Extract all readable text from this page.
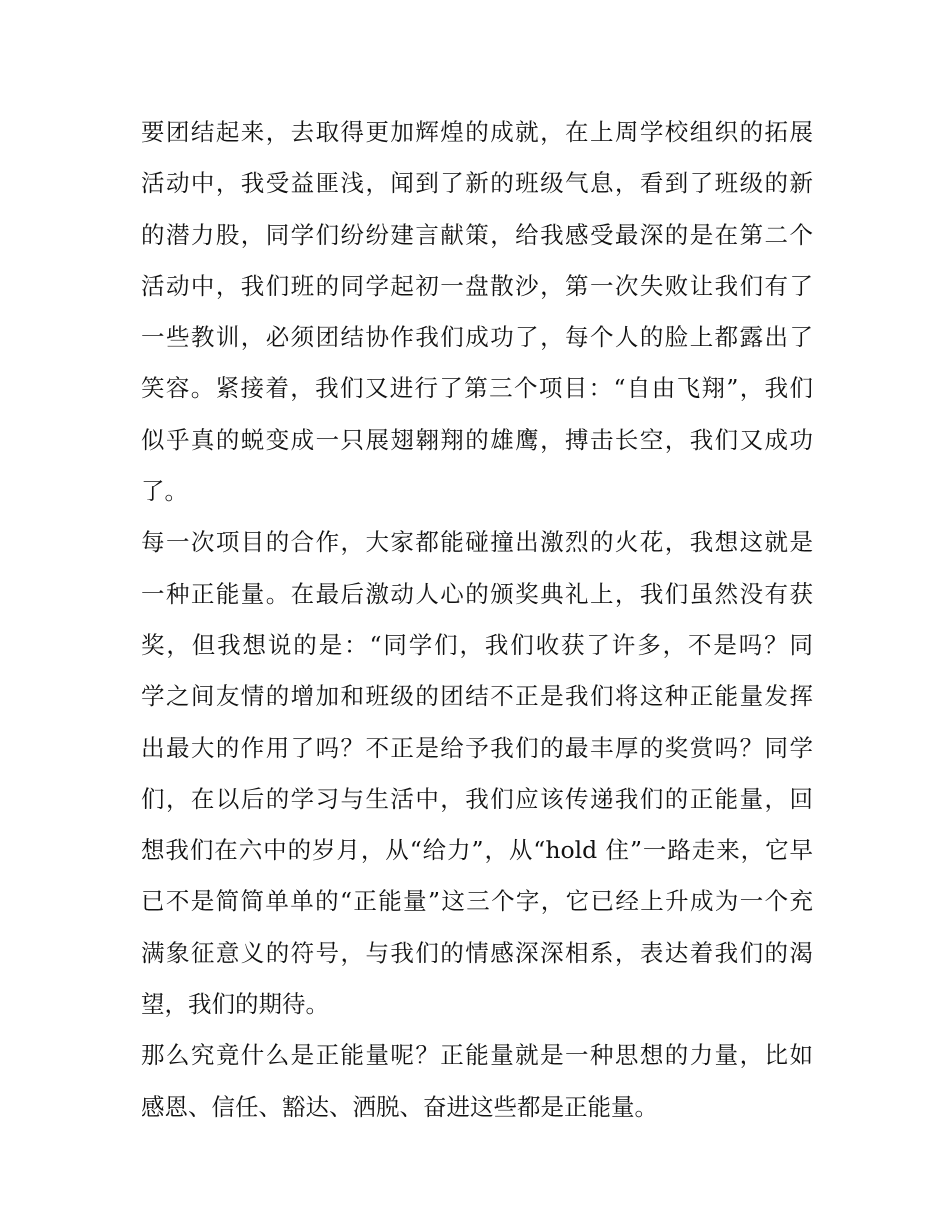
要团结起来，去取得更加辉煌的成就，在上周学校组织的拓展
活动中，我受益匪浅，闻到了新的班级气息，看到了班级的新
的潜力股，同学们纷纷建言献策，给我感受最深的是在第二个
活动中，我们班的同学起初一盘散沙，第一次失败让我们有了
一些教训，必须团结协作我们成功了，每个人的脸上都露出了
笑容。紧接着，我们又进行了第三个项目：“自由飞翔”，我们
似乎真的蜕变成一只展翅翱翔的雄鹰，搏击长空，我们又成功
了。
每一次项目的合作，大家都能碰撞出激烈的火花，我想这就是
一种正能量。在最后激动人心的颁奖典礼上，我们虽然没有获
奖，但我想说的是：“同学们，我们收获了许多，不是吗？同
学之间友情的增加和班级的团结不正是我们将这种正能量发挥
出最大的作用了吗？不正是给予我们的最丰厚的奖赏吗？同学
们，在以后的学习与生活中，我们应该传递我们的正能量，回
想我们在六中的岁月，从“给力”，从“hold 住”一路走来，它早
已不是简简单单的“正能量”这三个字，它已经上升成为一个充
满象征意义的符号，与我们的情感深深相系，表达着我们的渴
望，我们的期待。
那么究竟什么是正能量呢？正能量就是一种思想的力量，比如
感恩、信任、豁达、洒脱、奋进这些都是正能量。
